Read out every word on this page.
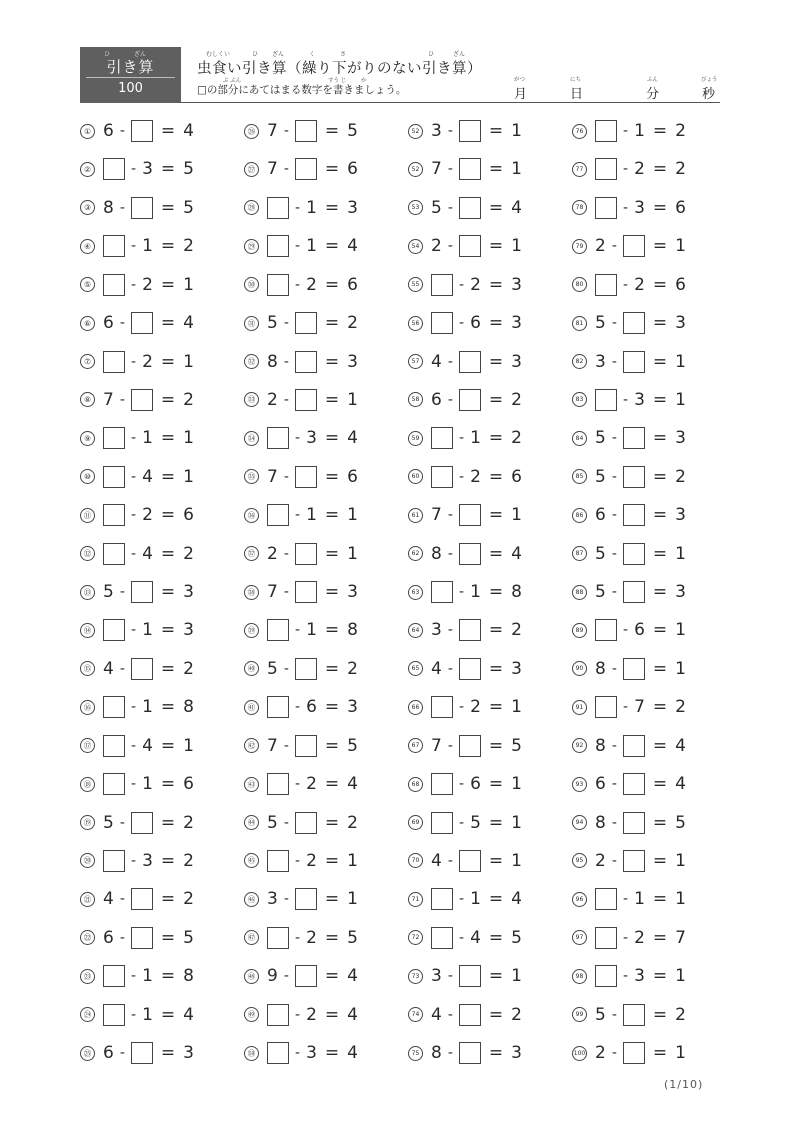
ひ	ざん
引き算
100
むしくい	ひ ざん	く	さ	ひ	ざん
虫食い引き算（繰り下がりのない引き算）
ぶ ぶん	すう じ	か
□の部分にあてはまる数字を書きましょう。
がつ
月
にち
日
ふん
分
びょう
秒
① 6 - = 4
②	- 3 = 5
③ 8 - = 5
④	- 1 = 2
⑤	- 2 = 1
⑥ 6 - = 4
⑦	- 2 = 1
⑧ 7 - = 2
⑨	- 1 = 1
⑩	- 4 = 1
⑪	- 2 = 6
⑫	- 4 = 2
⑬ 5 - = 3
⑭	- 1 = 3
⑮ 4 - = 2
⑯	- 1 = 8
⑰	- 4 = 1
⑱	- 1 = 6
⑲ 5 - = 2
⑳	- 3 = 2
㉑ 4 - = 2
㉒ 6 - = 5
㉓	- 1 = 8
㉔	- 1 = 4
㉕ 6 - = 3
㉖ 7 - = 5
㉗ 7 - = 6
㉘	- 1 = 3
㉙	- 1 = 4
㉚	- 2 = 6
㉛ 5 - = 2
㉜ 8 - = 3
㉝ 2 - = 1
㉞	- 3 = 4
㉟ 7 - = 6
㊱	- 1 = 1
㊲ 2 - = 1
㊳ 7 - = 3
㊴	- 1 = 8
㊵ 5 - = 2
㊶	- 6 = 3
㊷ 7 - = 5
㊸	- 2 = 4
㊹ 5 - = 2
㊺	- 2 = 1
㊻ 3 - = 1
㊼	- 2 = 5
㊽ 9 - = 4
㊾	- 2 = 4
㊿	- 3 = 4
52 3 - = 1
52 7 - = 1
53 5 - = 4
54 2 - = 1
55	- 2 = 3
56	- 6 = 3
57 4 - = 3
58 6 - = 2
59	- 1 = 2
60	- 2 = 6
61 7 - = 1
62 8 - = 4
63	- 1 = 8
64 3 - = 2
65 4 - = 3
66	- 2 = 1
67 7 - = 5
68	- 6 = 1
69	- 5 = 1
70 4 - = 1
71	- 1 = 4
72	- 4 = 5
73 3 - = 1
74 4 - = 2
75 8 - = 3
76	- 1 = 2
77	- 2 = 2
78	- 3 = 6
79 2 - = 1
80	- 2 = 6
81 5 - = 3
82 3 - = 1
83	- 3 = 1
84 5 - = 3
85 5 - = 2
86 6 - = 3
87 5 - = 1
88 5 - = 3
89	- 6 = 1
90 8 - = 1
91	- 7 = 2
92 8 - = 4
93 6 - = 4
94 8 - = 5
95 2 - = 1
96	- 1 = 1
97	- 2 = 7
98	- 3 = 1
99 5 - = 2
100 2 - = 1
(1/10)
